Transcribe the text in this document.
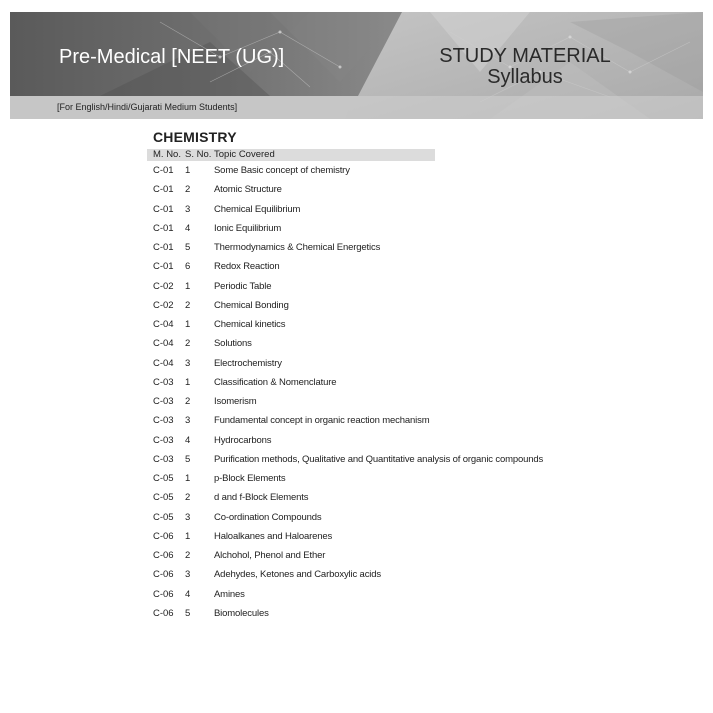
Pre-Medical [NEET (UG)]	STUDY MATERIAL
Syllabus
[For English/Hindi/Gujarati Medium Students]
CHEMISTRY
M. No. S. No. Topic Covered
C-01 1 Some Basic concept of chemistry
C-01 2 Atomic Structure
C-01 3 Chemical Equilibrium
C-01 4 Ionic Equilibrium
C-01 5 Thermodynamics & Chemical Energetics
C-01 6 Redox Reaction
C-02 1 Periodic Table
C-02 2 Chemical Bonding
C-04 1 Chemical kinetics
C-04 2 Solutions
C-04 3 Electrochemistry
C-03 1 Classification & Nomenclature
C-03 2 Isomerism
C-03 3 Fundamental concept in organic reaction mechanism
C-03 4 Hydrocarbons
C-03 5 Purification methods, Qualitative and Quantitative analysis of organic compounds
C-05 1 p-Block Elements
C-05 2 d and f-Block Elements
C-05 3 Co-ordination Compounds
C-06 1 Haloalkanes and Haloarenes
C-06 2 Alchohol, Phenol and Ether
C-06 3 Adehydes, Ketones and Carboxylic acids
C-06 4 Amines
C-06 5 Biomolecules
